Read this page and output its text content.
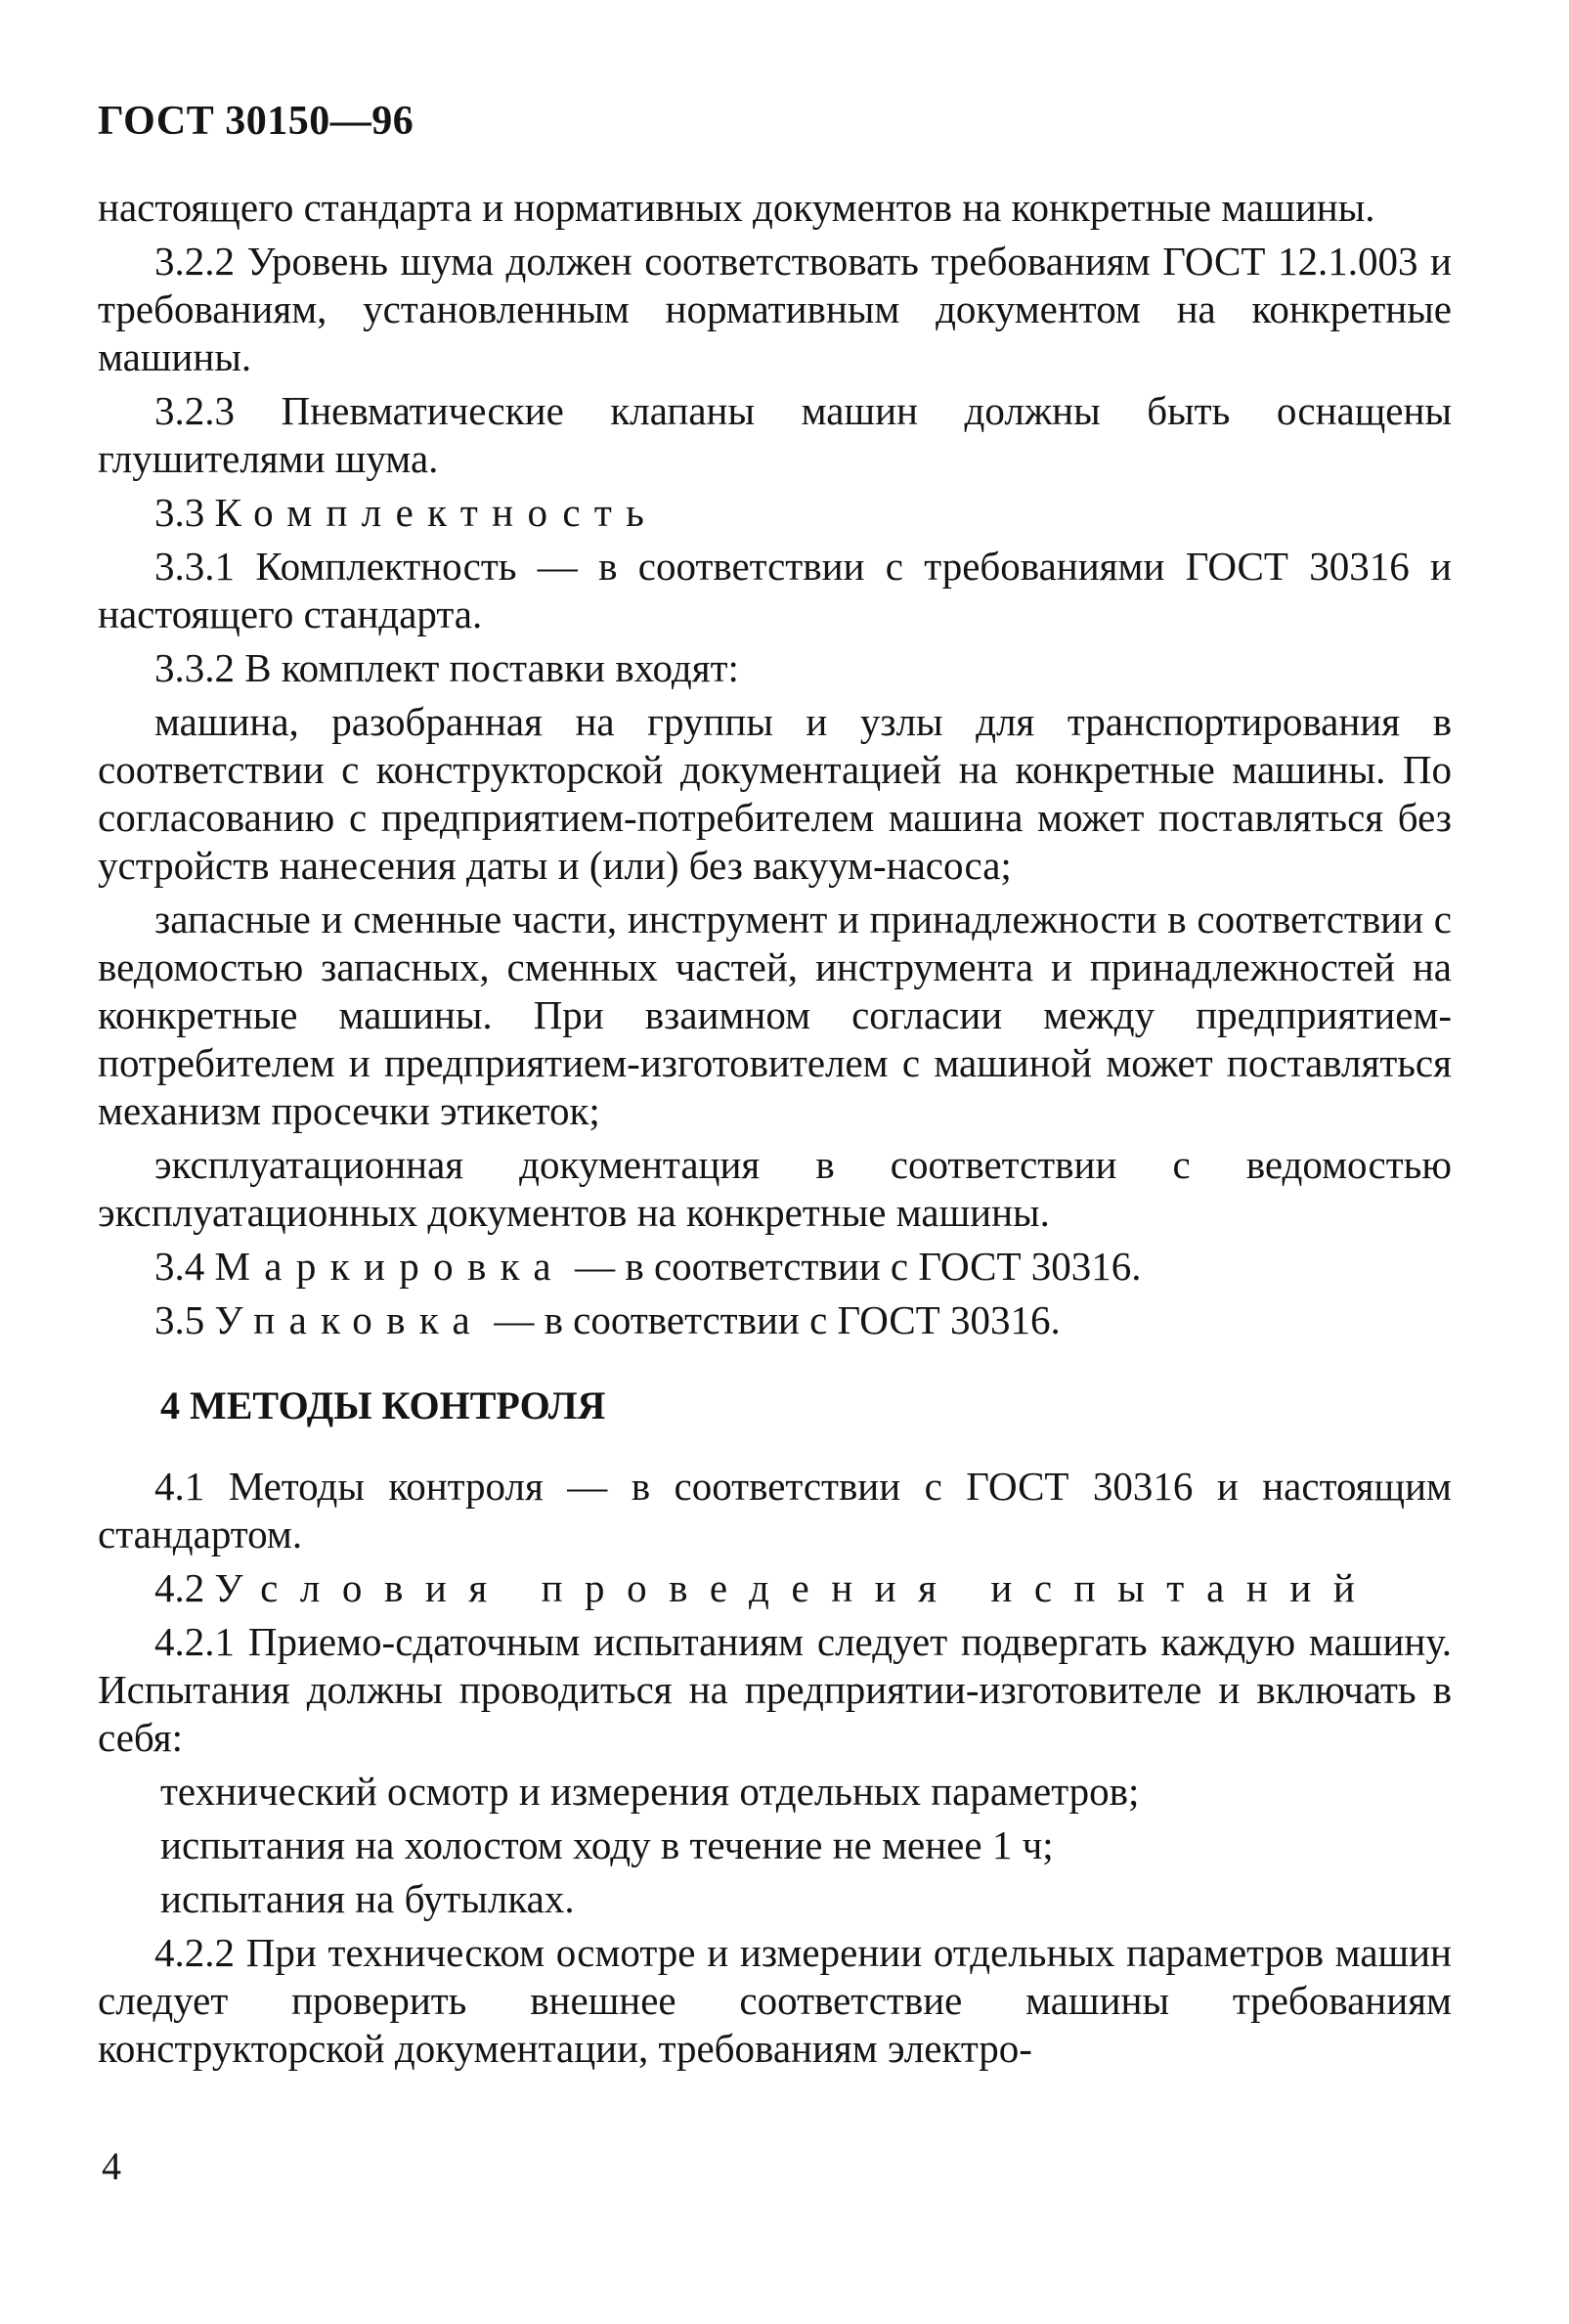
ГОСТ 30150—96

настоящего стандарта и нормативных документов на конкретные машины.

3.2.2 Уровень шума должен соответствовать требованиям ГОСТ 12.1.003 и требованиям, установленным нормативным документом на конкретные машины.

3.2.3 Пневматические клапаны машин должны быть оснащены глушителями шума.

3.3 Комплектность

3.3.1 Комплектность — в соответствии с требованиями ГОСТ 30316 и настоящего стандарта.

3.3.2 В комплект поставки входят:

машина, разобранная на группы и узлы для транспортирования в соответствии с конструкторской документацией на конкретные машины. По согласованию с предприятием-потребителем машина может поставляться без устройств нанесения даты и (или) без вакуум-насоса;

запасные и сменные части, инструмент и принадлежности в соответствии с ведомостью запасных, сменных частей, инструмента и принадлежностей на конкретные машины. При взаимном согласии между предприятием-потребителем и предприятием-изготовителем с машиной может поставляться механизм просечки этикеток;

эксплуатационная документация в соответствии с ведомостью эксплуатационных документов на конкретные машины.

3.4 Маркировка — в соответствии с ГОСТ 30316.

3.5 Упаковка — в соответствии с ГОСТ 30316.

4 МЕТОДЫ КОНТРОЛЯ

4.1 Методы контроля — в соответствии с ГОСТ 30316 и настоящим стандартом.

4.2 Условия проведения испытаний

4.2.1 Приемо-сдаточным испытаниям следует подвергать каждую машину. Испытания должны проводиться на предприятии-изготовителе и включать в себя:

технический осмотр и измерения отдельных параметров;

испытания на холостом ходу в течение не менее 1 ч;

испытания на бутылках.

4.2.2 При техническом осмотре и измерении отдельных параметров машин следует проверить внешнее соответствие машины требованиям конструкторской документации, требованиям электро-

4
